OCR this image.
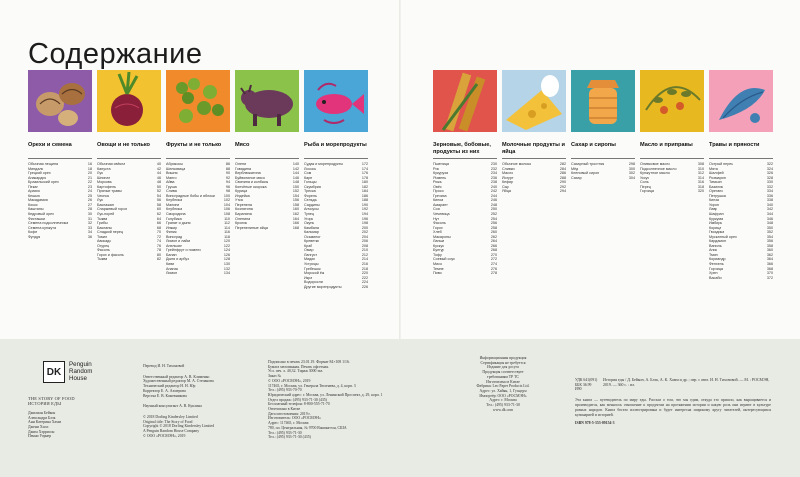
Содержание
Орехи и семена
Обычная лещина	16
Миндаль	18
Грецкий орех	20
Анакардия	21
Бразильский орех	22
Пекан	23
Арахис	24
Кешью	25
Макадамия	26
Кокос	27
Каштаны	28
Кедровый орех	30
Фисташки	31
Семена подсолнечника	32
Семена кунжута	33
Кофе	34
Фундук	36
Овощи и не только
Обычная свёкла	40
Капуста	42
Лук	44
Шпинат	46
Морковь	48
Картофель	50
Пряные травы	52
Чеснок	54
Лук	56
Баклажан	58
Спаржевый горох	60
Лук-порей	62
Тыква	64
Грибы	66
Бакланы	68
Сладкий перец	70
Томат	72
Авокадо	74
Огурец	76
Фасоль	78
Горох и фасоль	80
Тыква	82
Фрукты и не только
Абрикосы	86
Шелковица	88
Вишня	90
Манго	92
Айва	94
Груша	96
Слива	98
Виноградные бобы и яблоки	100
Клубника	102
Малина	104
Клубника	106
Смородина	108
Голубика	110
Гранат и дыня	112
Инжир	114
Финик	116
Виноград	118
Лимон и лайм	120
Апельсин	122
Грейпфрут и помело	124
Банан	126
Дыня и арбуз	128
Киви	130
Ананас	132
Лимон	134
Мясо
Олени	140
Говядина	142
Верблюжатина	144
Буйволиное мясо	146
Свинина и колбасы	148
Копчёные окорока	150
Курица	152
Индейка	154
Утка	156
Перепела	158
Козлятина	160
Баранина	162
Оленина	164
Кролик	166
Перепелиные яйца	168
Рыба и морепродукты
Судак и морепродукты	172
Лосось	174
Сом	176
Карп	178
Гольцы	180
Скумбрия	182
Треска	184
Форель	186
Сельдь	188
Сардины	190
Анчоусы	192
Тунец	194
Угорь	196
Окунь	198
Камбала	200
Кальмар	202
Осьминог	204
Креветки	206
Краб	208
Омар	210
Лангуст	212
Мидии	214
Устрицы	216
Гребешок	218
Морской ёж	220
Икра	222
Водоросли	224
Другие морепродукты	226
Зерновые, бобовые, продукты из них
Пшеница	230
Рис	232
Кукуруза	234
Ячмень	236
Рожь	238
Овёс	240
Просо	242
Гречиха	244
Киноа	246
Амарант	248
Соя	250
Чечевица	252
Нут	254
Фасоль	256
Горох	258
Хлеб	260
Макароны	262
Лапша	264
Кускус	266
Булгур	268
Тофу	270
Соевый соус	272
Мисо	274
Темпе	276
Пиво	278
Молочные продукты и яйца
Обычное молоко	282
Сливки	284
Масло	286
Йогурт	288
Кефир	290
Сыр	292
Яйца	294
Сахар и сиропы
Сахарный тростник	298
Мёд	300
Кленовый сироп	302
Сахар	304
Масло и приправы
Оливковое масло	308
Подсолнечное масло	310
Кунжутное масло	312
Уксус	314
Соль	316
Перец	318
Горчица	320
Травы и пряности
Острый перец	322
Мята	324
Шалфей	326
Розмарин	328
Тимьян	330
Базилик	332
Орегано	334
Петрушка	336
Кинза	338
Укроп	340
Лавр	342
Шафран	344
Куркума	346
Имбирь	348
Корица	350
Гвоздика	352
Мускатный орех	354
Кардамон	356
Ваниль	358
Анис	360
Тмин	362
Кориандр	364
Фенхель	366
Горчица	368
Хрен	370
Васаби	372
DK
Penguin
Random
House
THE STORY OF FOOD
ИСТОРИЯ ЕДЫ
Джилиан Бейкон
Александра Блэк
Анн Катерина Хамм
Джени Хилл
Джим Хэррисон
Пенни Уорнер
Перевод И. Н. Тихоновой
Ответственный редактор А. В. Клименко
Художественный редактор М. А. Степанова
Технический редактор Н. Н. Юр
Корректор Е. А. Ахмерова
Верстка Е. В. Кожевникова
Научный консультант А. В. Куклина
© 2018 Dorling Kindersley Limited
Original title: The Story of Food
Copyright © 2018 Dorling Kindersley Limited
A Penguin Random House Company
© ООО «РОСМЭН», 2019
Подписано в печать 23.01.19. Формат 84×108 1/16.
Бумага мелованная. Печать офсетная.
Усл. печ. л. 40,32. Тираж 3000 экз.
Заказ №
© ООО «РОСМЭН», 2019
117465, г. Москва, ул. Генерала Тюленева, д. 4, корп. 3
Тел.: (495) 933-70-70
Юридический адрес: г. Москва, ул. Ленинский Проспект, д. 29, корп. 1
Отдел продаж: (495) 933-71-30 (435)
Бесплатный телефон: 8-800-555-71-70
Отпечатано в Китае
Дата изготовления: 2019 г.
Изготовитель: ООО «РОСМЭН»
Адрес: 117465, г. Москва
780, пл. Центральная, № 9700 Вашингтон, США
Тел.: (495) 933-71-30
Тел.: (495) 933-71-30 (435)
Информационная продукция
Сертификация не требуется
Издание для досуга
Продукция соответствует
требованиям ТР ТС
Изготовлено в Китае
Фабрика: Leo Paper Products Ltd.
Адрес: ул. Хайян, 1, Гуандун
Импортёр: ООО «РОСМЭН»
Адрес: г. Москва
Тел.: (495) 933-71-30
www.dk.com
УДК 641(091)
ББК 36.99
И90
История еды / Д. Бейкон, А. Блэк, А. К. Хамм и др. ; пер. с англ. И. Н. Тихоновой. — М. : РОСМЭН, 2019. — 360 с. : ил.
Эта книга — путеводитель по миру еды. Рассказ о том, что мы едим, откуда это пришло, как выращивается и производится, как менялось отношение к продуктам на протяжении истории и какую роль они играют в культуре разных народов. Книга богато иллюстрирована и будет интересна широкому кругу читателей, интересующихся кулинарией и историей.
ISBN 978-5-353-09154-3
